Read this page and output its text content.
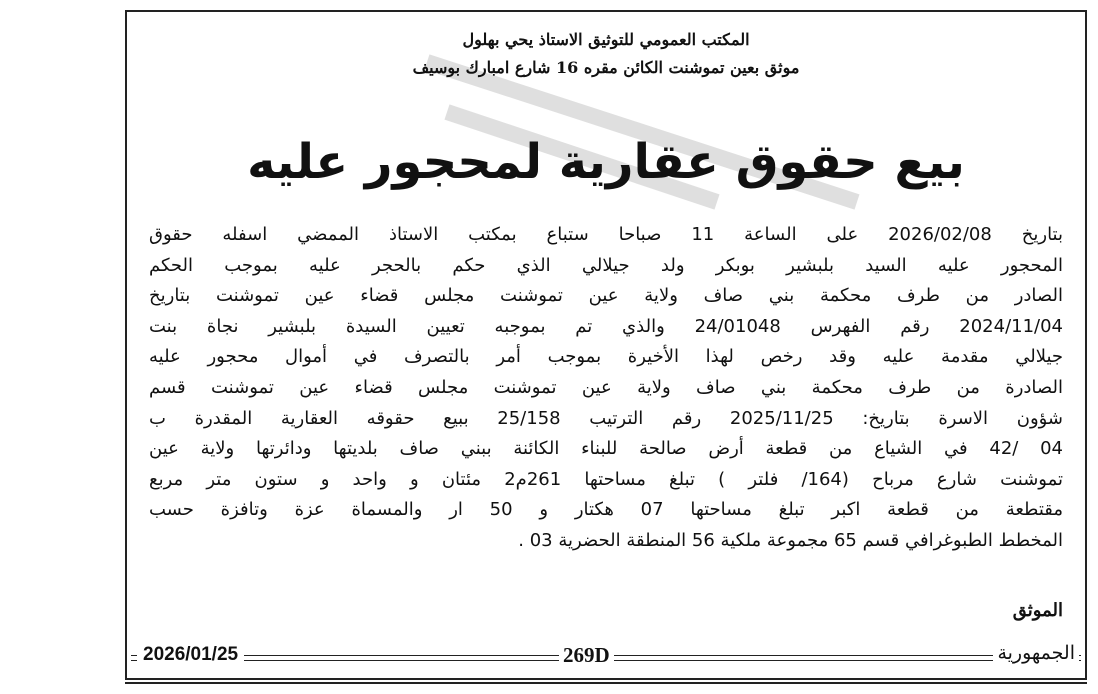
المكتب العمومي للتوثيق الاستاذ يحي بهلول
موثق بعين تموشنت الكائن مقره 16 شارع امبارك بوسيف
بيع حقوق عقارية لمحجور عليه
بتاريخ 2026/02/08 على الساعة 11 صباحا ستباع بمكتب الاستاذ الممضي اسفله حقوق
المحجور عليه السيد بلبشير بوبكر ولد جيلالي الذي حكم بالحجر عليه بموجب الحكم
الصادر من طرف محكمة بني صاف ولاية عين تموشنت مجلس قضاء عين تموشنت بتاريخ
2024/11/04 رقم الفهرس 24/01048 والذي تم بموجبه تعيين السيدة بلبشير نجاة بنت
جيلالي مقدمة عليه وقد رخص لهذا الأخيرة بموجب أمر بالتصرف في أموال محجور عليه
الصادرة من طرف محكمة بني صاف ولاية عين تموشنت مجلس قضاء عين تموشنت قسم
شؤون الاسرة بتاريخ: 2025/11/25 رقم الترتيب 25/158 ببيع حقوقه العقارية المقدرة ب
04 /42 في الشياع من قطعة أرض صالحة للبناء الكائنة ببني صاف بلديتها ودائرتها ولاية عين
تموشنت شارع مرباح (164/ فلتر ) تبلغ مساحتها 261م2 مئتان و واحد و ستون متر مربع
مقتطعة من قطعة اكبر تبلغ مساحتها 07 هكتار و 50 ار والمسماة عزة وتافزة حسب
المخطط الطبوغرافي قسم 65 مجموعة ملكية 56 المنطقة الحضرية 03 .
الموثق
2026/01/25	269D	الجمهورية
